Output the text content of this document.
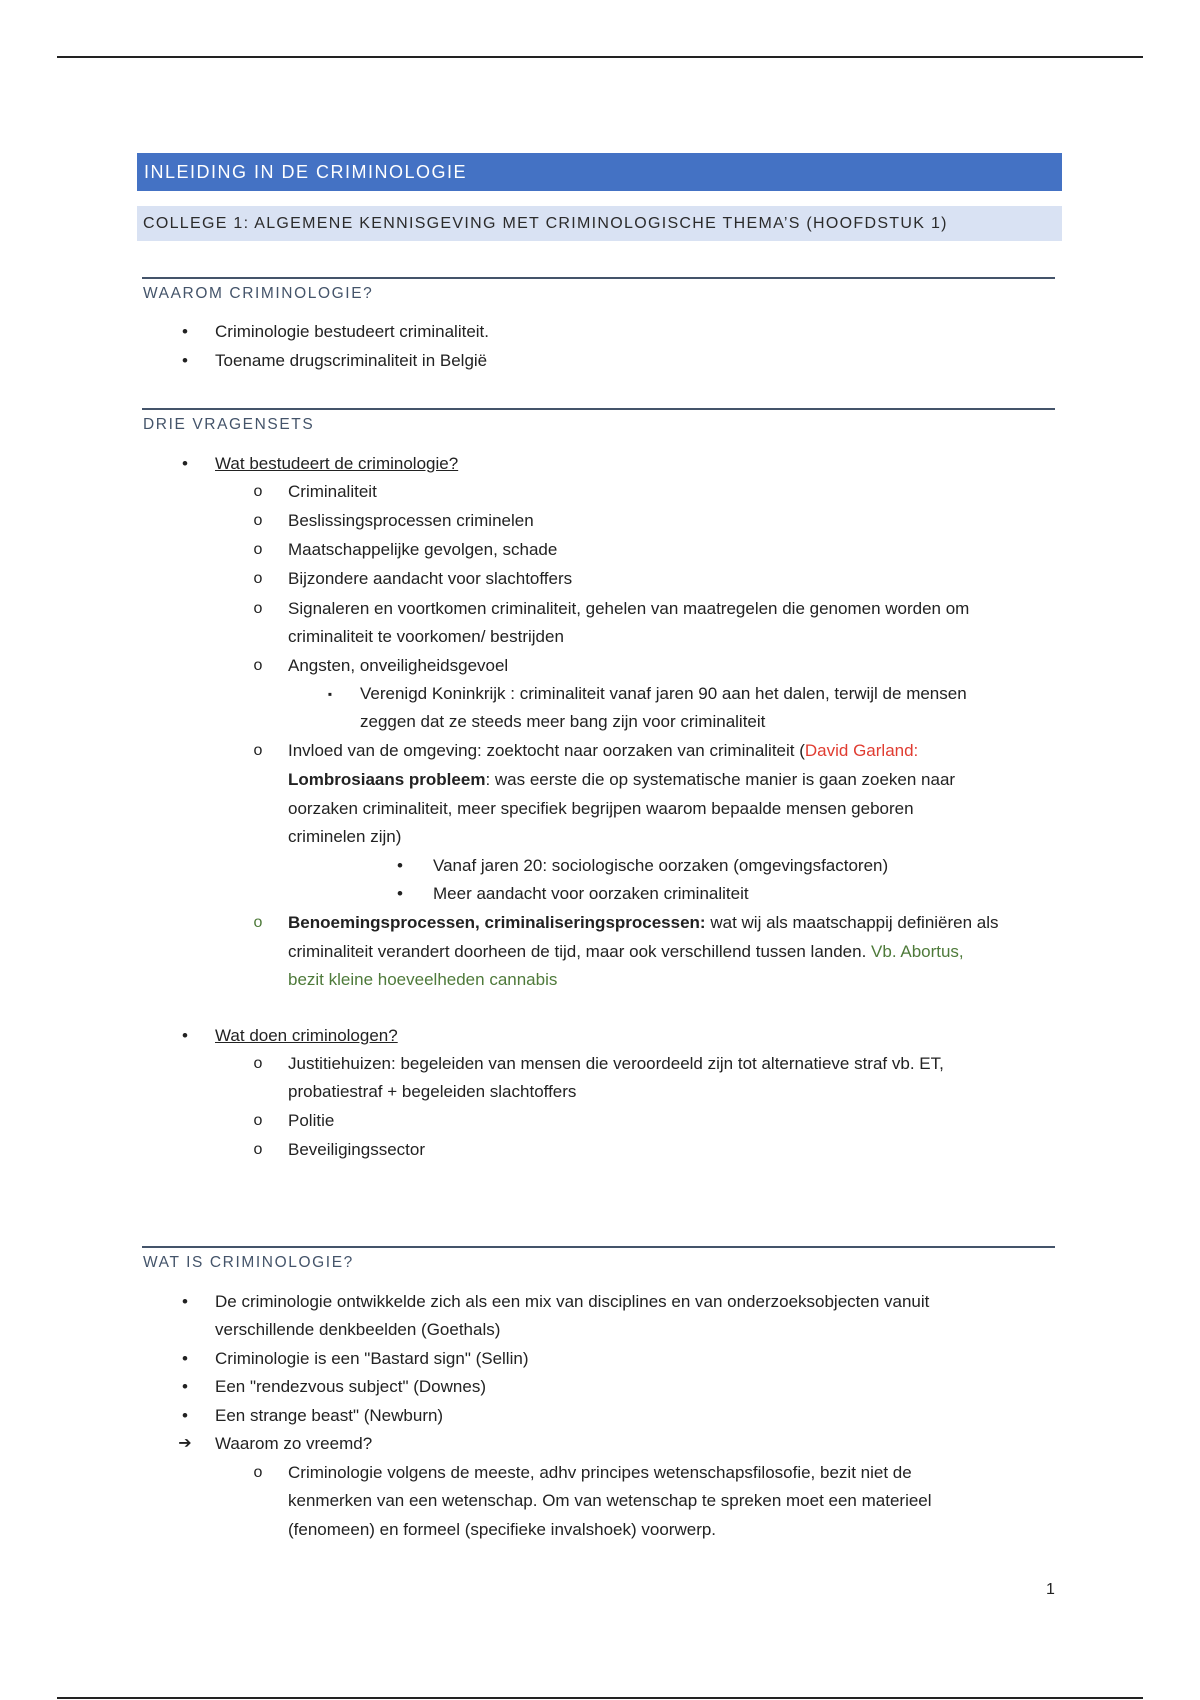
INLEIDING IN DE CRIMINOLOGIE
COLLEGE 1: ALGEMENE KENNISGEVING MET CRIMINOLOGISCHE THEMA’S (HOOFDSTUK 1)
WAAROM CRIMINOLOGIE?
•	Criminologie bestudeert criminaliteit.
•	Toename drugscriminaliteit in België
DRIE VRAGENSETS
•	Wat bestudeert de criminologie?
o	Criminaliteit
o	Beslissingsprocessen criminelen
o	Maatschappelijke gevolgen, schade
o	Bijzondere aandacht voor slachtoffers
o	Signaleren en voortkomen criminaliteit, gehelen van maatregelen die genomen worden om
criminaliteit te voorkomen/ bestrijden
o	Angsten, onveiligheidsgevoel
▪	Verenigd Koninkrijk : criminaliteit vanaf jaren 90 aan het dalen, terwijl de mensen
zeggen dat ze steeds meer bang zijn voor criminaliteit
o	Invloed van de omgeving: zoektocht naar oorzaken van criminaliteit (David Garland:
Lombrosiaans probleem: was eerste die op systematische manier is gaan zoeken naar
oorzaken criminaliteit, meer specifiek begrijpen waarom bepaalde mensen geboren
criminelen zijn)
•	Vanaf jaren 20: sociologische oorzaken (omgevingsfactoren)
•	Meer aandacht voor oorzaken criminaliteit
o	Benoemingsprocessen, criminaliseringsprocessen: wat wij als maatschappij definiëren als
criminaliteit verandert doorheen de tijd, maar ook verschillend tussen landen. Vb. Abortus,
bezit kleine hoeveelheden cannabis
•	Wat doen criminologen?
o	Justitiehuizen: begeleiden van mensen die veroordeeld zijn tot alternatieve straf vb. ET,
probatiestraf + begeleiden slachtoffers
o	Politie
o	Beveiligingssector
WAT IS CRIMINOLOGIE?
•	De criminologie ontwikkelde zich als een mix van disciplines en van onderzoeksobjecten vanuit
verschillende denkbeelden (Goethals)
•	Criminologie is een "Bastard sign" (Sellin)
•	Een "rendezvous subject" (Downes)
•	Een strange beast" (Newburn)
➔ Waarom zo vreemd?
o	Criminologie volgens de meeste, adhv principes wetenschapsfilosofie, bezit niet de
kenmerken van een wetenschap. Om van wetenschap te spreken moet een materieel
(fenomeen) en formeel (specifieke invalshoek) voorwerp.
1
